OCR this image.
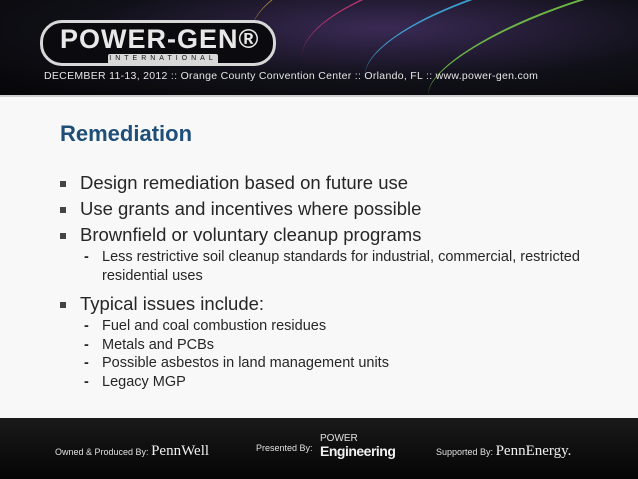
POWER-GEN®
INTERNATIONAL
DECEMBER 11-13, 2012 :: Orange County Convention Center :: Orlando, FL :: www.power-gen.com
Remediation
Design remediation based on future use
Use grants and incentives where possible
Brownfield or voluntary cleanup programs
- Less restrictive soil cleanup standards for industrial, commercial, restricted residential uses
Typical issues include:
- Fuel and coal combustion residues
- Metals and PCBs
- Possible asbestos in land management units
- Legacy MGP
Owned & Produced By: PennWell	Presented By:
POWER
Engineering	Supported By: PennEnergy.
